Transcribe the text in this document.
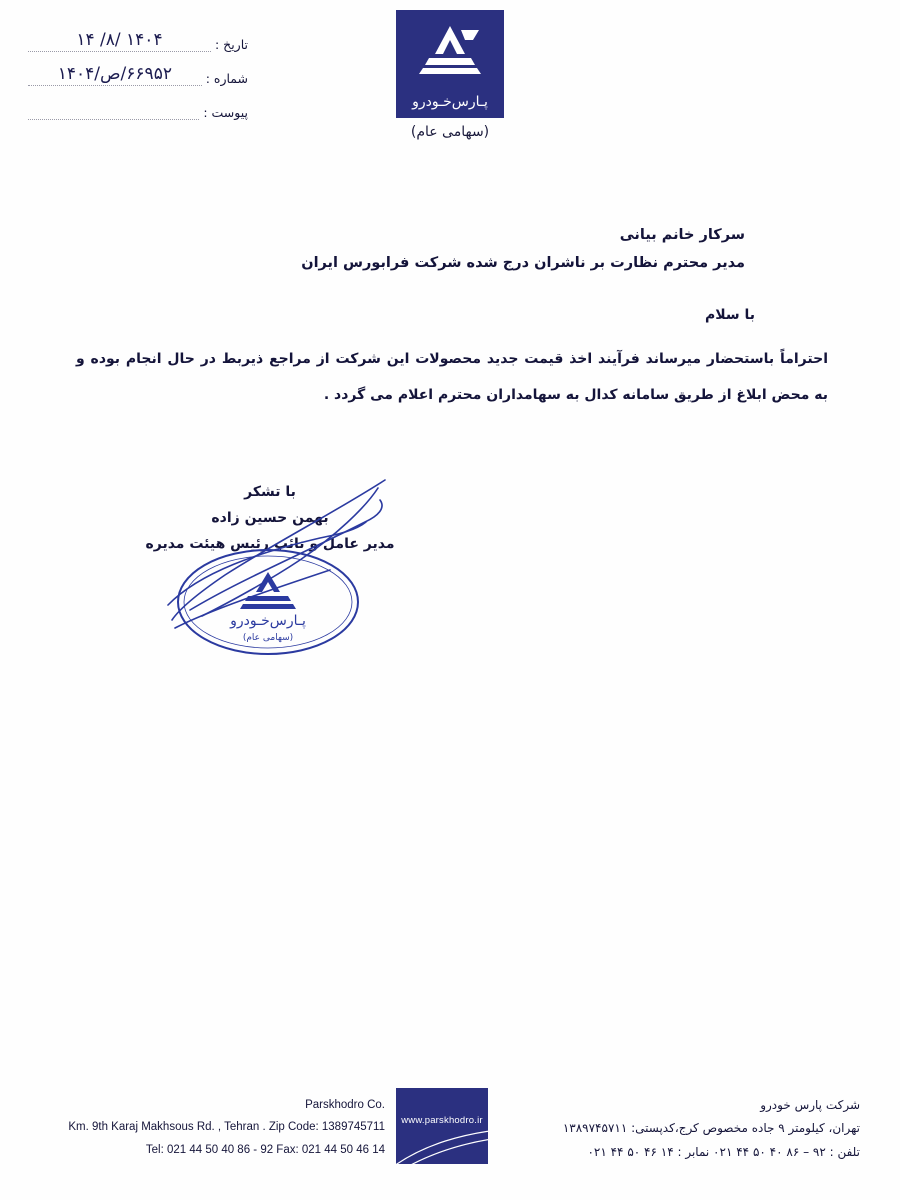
تاریخ :
۱۴۰۴ /۸/ ۱۴
شماره :
۶۶۹۵۲/ص/۱۴۰۴
پیوست :
پـارس‌خـودرو
(سهامی عام)
سرکار خانم بیانی
مدیر محترم نظارت بر ناشران درج شده شرکت فرابورس ایران
با سلام
احتراماً باستحضار میرساند فرآیند اخذ قیمت جدید محصولات این شرکت از مراجع ذیربط در حال انجام بوده و به محض ابلاغ از طریق سامانه کدال به سهامداران محترم اعلام می گردد .
با تشکر
بهمن حسین زاده
مدیر عامل و نائب رئیس هیئت مدیره
پـارس‌خـودرو
(سهامی عام)
Parskhodro Co.
Km. 9th Karaj Makhsous Rd. , Tehran . Zip Code: 1389745711
Tel: 021 44 50 40 86 - 92 Fax: 021 44 50 46 14
www.parskhodro.ir
شرکت پارس خودرو
تهران، کیلومتر ۹ جاده مخصوص کرج،کدپستی: ۱۳۸۹۷۴۵۷۱۱
تلفن : ۹۲ – ۸۶ ۴۰ ۵۰ ۴۴ ۰۲۱ نمابر : ۱۴ ۴۶ ۵۰ ۴۴ ۰۲۱
